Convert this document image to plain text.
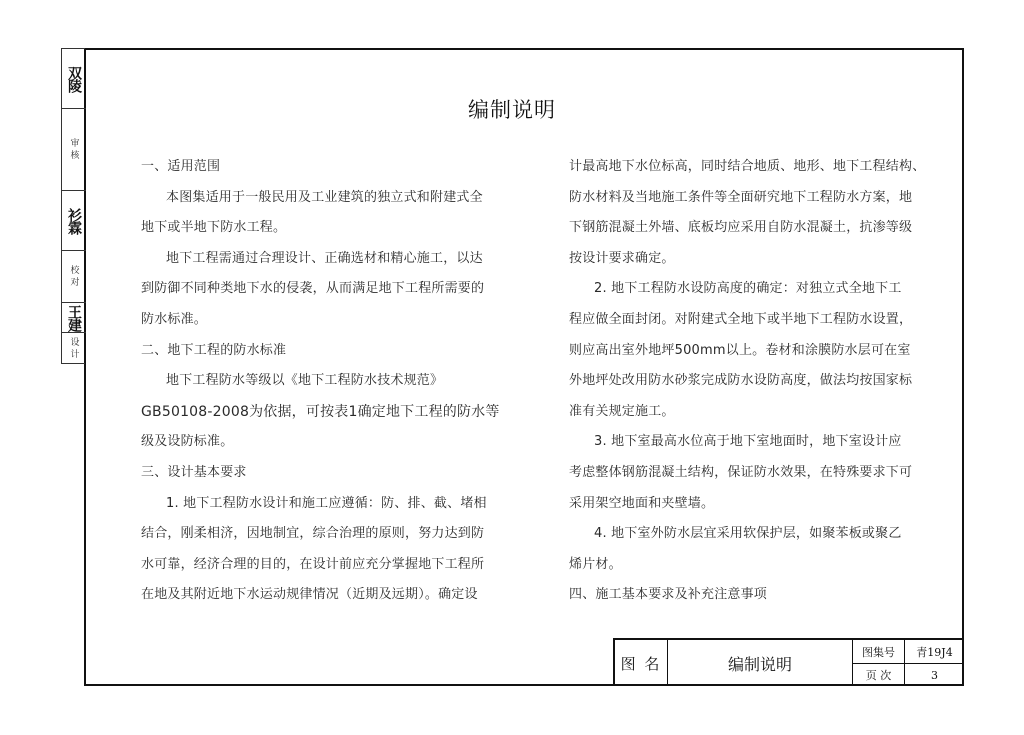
双陵
审核
衫霖
校对
王建
设计
编制说明
一、适用范围
本图集适用于一般民用及工业建筑的独立式和附建式全
地下或半地下防水工程。
地下工程需通过合理设计、正确选材和精心施工，以达
到防御不同种类地下水的侵袭，从而满足地下工程所需要的
防水标准。
二、地下工程的防水标准
地下工程防水等级以《地下工程防水技术规范》
GB50108-2008为依据，可按表1确定地下工程的防水等
级及设防标准。
三、设计基本要求
1. 地下工程防水设计和施工应遵循：防、排、截、堵相
结合，刚柔相济，因地制宜，综合治理的原则，努力达到防
水可靠，经济合理的目的，在设计前应充分掌握地下工程所
在地及其附近地下水运动规律情况（近期及远期）。确定设
计最高地下水位标高，同时结合地质、地形、地下工程结构、
防水材料及当地施工条件等全面研究地下工程防水方案，地
下钢筋混凝土外墙、底板均应采用自防水混凝土，抗渗等级
按设计要求确定。
2. 地下工程防水设防高度的确定：对独立式全地下工
程应做全面封闭。对附建式全地下或半地下工程防水设置，
则应高出室外地坪500mm以上。卷材和涂膜防水层可在室
外地坪处改用防水砂浆完成防水设防高度，做法均按国家标
准有关规定施工。
3. 地下室最高水位高于地下室地面时，地下室设计应
考虑整体钢筋混凝土结构，保证防水效果，在特殊要求下可
采用架空地面和夹壁墙。
4. 地下室外防水层宜采用软保护层，如聚苯板或聚乙
烯片材。
四、施工基本要求及补充注意事项
图 名	编制说明
图集号	青19J4
页 次	3
